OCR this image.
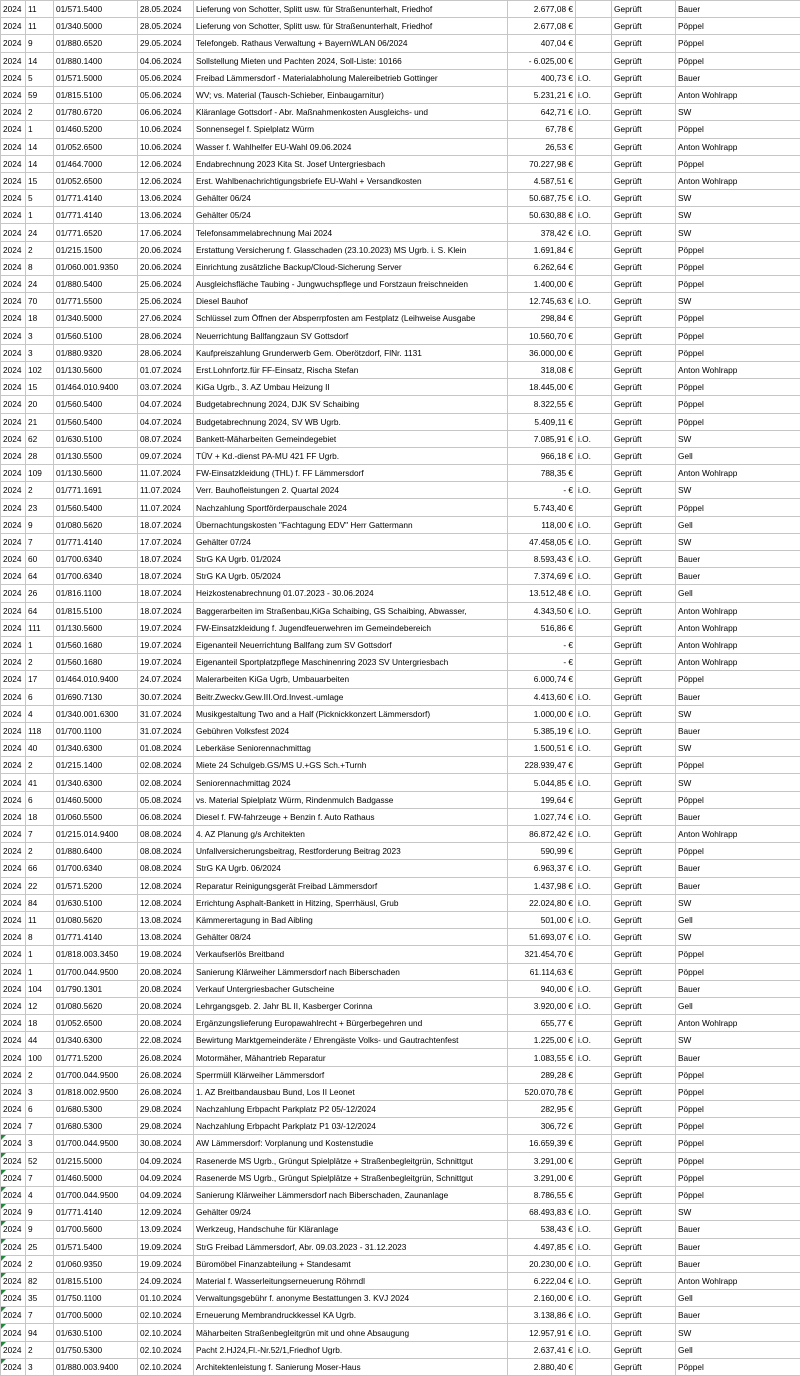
2024	11	01/571.5400	28.05.2024	Lieferung von Schotter, Splitt usw. für Straßenunterhalt, Friedhof	2.677,08 €		Geprüft	Bauer
2024	11	01/340.5000	28.05.2024	Lieferung von Schotter, Splitt usw. für Straßenunterhalt, Friedhof	2.677,08 €		Geprüft	Pöppel
2024	9	01/880.6520	29.05.2024	Telefongeb. Rathaus Verwaltung + BayernWLAN 06/2024	407,04 €		Geprüft	Pöppel
2024	14	01/880.1400	04.06.2024	Sollstellung Mieten und Pachten 2024, Soll-Liste: 10166	- 6.025,00 €		Geprüft	Pöppel
2024	5	01/571.5000	05.06.2024	Freibad Lämmersdorf - Materialabholung Malereibetrieb Gottinger	400,73 €	i.O.	Geprüft	Bauer
2024	59	01/815.5100	05.06.2024	WV; vs. Material (Tausch-Schieber, Einbaugarnitur)	5.231,21 €	i.O.	Geprüft	Anton Wohlrapp
2024	2	01/780.6720	06.06.2024	Kläranlage Gottsdorf - Abr. Maßnahmenkosten Ausgleichs- und	642,71 €	i.O.	Geprüft	SW
2024	1	01/460.5200	10.06.2024	Sonnensegel f. Spielplatz Würm	67,78 €		Geprüft	Pöppel
2024	14	01/052.6500	10.06.2024	Wasser f. Wahlhelfer EU-Wahl 09.06.2024	26,53 €		Geprüft	Anton Wohlrapp
2024	14	01/464.7000	12.06.2024	Endabrechnung 2023 Kita St. Josef Untergriesbach	70.227,98 €		Geprüft	Pöppel
2024	15	01/052.6500	12.06.2024	Erst. Wahlbenachrichtigungsbriefe EU-Wahl + Versandkosten	4.587,51 €		Geprüft	Anton Wohlrapp
2024	5	01/771.4140	13.06.2024	Gehälter 06/24	50.687,75 €	i.O.	Geprüft	SW
2024	1	01/771.4140	13.06.2024	Gehälter 05/24	50.630,88 €	i.O.	Geprüft	SW
2024	24	01/771.6520	17.06.2024	Telefonsammelabrechnung Mai 2024	378,42 €	i.O.	Geprüft	SW
2024	2	01/215.1500	20.06.2024	Erstattung Versicherung f. Glasschaden (23.10.2023) MS Ugrb. i. S. Klein	1.691,84 €		Geprüft	Pöppel
2024	8	01/060.001.9350	20.06.2024	Einrichtung zusätzliche Backup/Cloud-Sicherung Server	6.262,64 €		Geprüft	Pöppel
2024	24	01/880.5400	25.06.2024	Ausgleichsfläche Taubing - Jungwuchspflege und Forstzaun freischneiden	1.400,00 €		Geprüft	Pöppel
2024	70	01/771.5500	25.06.2024	Diesel Bauhof	12.745,63 €	i.O.	Geprüft	SW
2024	18	01/340.5000	27.06.2024	Schlüssel zum Öffnen der Absperrpfosten am Festplatz (Leihweise Ausgabe	298,84 €		Geprüft	Pöppel
2024	3	01/560.5100	28.06.2024	Neuerrichtung Ballfangzaun SV Gottsdorf	10.560,70 €		Geprüft	Pöppel
2024	3	01/880.9320	28.06.2024	Kaufpreiszahlung Grunderwerb Gem. Oberötzdorf, FlNr. 1131	36.000,00 €		Geprüft	Pöppel
2024	102	01/130.5600	01.07.2024	Erst.Lohnfortz.für FF-Einsatz, Rischa Stefan	318,08 €		Geprüft	Anton Wohlrapp
2024	15	01/464.010.9400	03.07.2024	KiGa Ugrb., 3. AZ Umbau Heizung II	18.445,00 €		Geprüft	Pöppel
2024	20	01/560.5400	04.07.2024	Budgetabrechnung 2024, DJK SV Schaibing	8.322,55 €		Geprüft	Pöppel
2024	21	01/560.5400	04.07.2024	Budgetabrechnung 2024, SV WB Ugrb.	5.409,11 €		Geprüft	Pöppel
2024	62	01/630.5100	08.07.2024	Bankett-Mäharbeiten Gemeindegebiet	7.085,91 €	i.O.	Geprüft	SW
2024	28	01/130.5500	09.07.2024	TÜV + Kd.-dienst PA-MU 421 FF Ugrb.	966,18 €	i.O.	Geprüft	Gell
2024	109	01/130.5600	11.07.2024	FW-Einsatzkleidung (THL) f. FF Lämmersdorf	788,35 €		Geprüft	Anton Wohlrapp
2024	2	01/771.1691	11.07.2024	Verr. Bauhofleistungen 2. Quartal 2024	- €	i.O.	Geprüft	SW
2024	23	01/560.5400	11.07.2024	Nachzahlung Sportförderpauschale 2024	5.743,40 €		Geprüft	Pöppel
2024	9	01/080.5620	18.07.2024	Übernachtungskosten "Fachtagung EDV" Herr Gattermann	118,00 €	i.O.	Geprüft	Gell
2024	7	01/771.4140	17.07.2024	Gehälter 07/24	47.458,05 €	i.O.	Geprüft	SW
2024	60	01/700.6340	18.07.2024	StrG KA Ugrb. 01/2024	8.593,43 €	i.O.	Geprüft	Bauer
2024	64	01/700.6340	18.07.2024	StrG KA Ugrb. 05/2024	7.374,69 €	i.O.	Geprüft	Bauer
2024	26	01/816.1100	18.07.2024	Heizkostenabrechnung 01.07.2023 - 30.06.2024	13.512,48 €	i.O.	Geprüft	Gell
2024	64	01/815.5100	18.07.2024	Baggerarbeiten im Straßenbau,KiGa Schaibing, GS Schaibing, Abwasser,	4.343,50 €	i.O.	Geprüft	Anton Wohlrapp
2024	111	01/130.5600	19.07.2024	FW-Einsatzkleidung f. Jugendfeuerwehren im Gemeindebereich	516,86 €		Geprüft	Anton Wohlrapp
2024	1	01/560.1680	19.07.2024	Eigenanteil Neuerrichtung Ballfang zum SV Gottsdorf	- €		Geprüft	Anton Wohlrapp
2024	2	01/560.1680	19.07.2024	Eigenanteil Sportplatzpflege Maschinenring 2023 SV Untergriesbach	- €		Geprüft	Anton Wohlrapp
2024	17	01/464.010.9400	24.07.2024	Malerarbeiten KiGa Ugrb, Umbauarbeiten	6.000,74 €		Geprüft	Pöppel
2024	6	01/690.7130	30.07.2024	Beitr.Zweckv.Gew.III.Ord.Invest.-umlage	4.413,60 €	i.O.	Geprüft	Bauer
2024	4	01/340.001.6300	31.07.2024	Musikgestaltung Two and a Half (Picknickkonzert Lämmersdorf)	1.000,00 €	i.O.	Geprüft	SW
2024	118	01/700.1100	31.07.2024	Gebühren Volksfest 2024	5.385,19 €	i.O.	Geprüft	Bauer
2024	40	01/340.6300	01.08.2024	Leberkäse Seniorennachmittag	1.500,51 €	i.O.	Geprüft	SW
2024	2	01/215.1400	02.08.2024	Miete 24 Schulgeb.GS/MS U.+GS Sch.+Turnh	228.939,47 €		Geprüft	Pöppel
2024	41	01/340.6300	02.08.2024	Seniorennachmittag 2024	5.044,85 €	i.O.	Geprüft	SW
2024	6	01/460.5000	05.08.2024	vs. Material Spielplatz Würm, Rindenmulch Badgasse	199,64 €		Geprüft	Pöppel
2024	18	01/060.5500	06.08.2024	Diesel f. FW-fahrzeuge + Benzin f. Auto Rathaus	1.027,74 €	i.O.	Geprüft	Bauer
2024	7	01/215.014.9400	08.08.2024	4. AZ Planung g/s Architekten	86.872,42 €	i.O.	Geprüft	Anton Wohlrapp
2024	2	01/880.6400	08.08.2024	Unfallversicherungsbeitrag, Restforderung Beitrag 2023	590,99 €		Geprüft	Pöppel
2024	66	01/700.6340	08.08.2024	StrG KA Ugrb. 06/2024	6.963,37 €	i.O.	Geprüft	Bauer
2024	22	01/571.5200	12.08.2024	Reparatur Reinigungsgerät Freibad Lämmersdorf	1.437,98 €	i.O.	Geprüft	Bauer
2024	84	01/630.5100	12.08.2024	Errichtung Asphalt-Bankett in Hitzing, Sperrhäusl, Grub	22.024,80 €	i.O.	Geprüft	SW
2024	11	01/080.5620	13.08.2024	Kämmerertagung in Bad Aibling	501,00 €	i.O.	Geprüft	Gell
2024	8	01/771.4140	13.08.2024	Gehälter 08/24	51.693,07 €	i.O.	Geprüft	SW
2024	1	01/818.003.3450	19.08.2024	Verkaufserlös Breitband	321.454,70 €		Geprüft	Pöppel
2024	1	01/700.044.9500	20.08.2024	Sanierung Klärweiher Lämmersdorf nach Biberschaden	61.114,63 €		Geprüft	Pöppel
2024	104	01/790.1301	20.08.2024	Verkauf Untergriesbacher Gutscheine	940,00 €	i.O.	Geprüft	Bauer
2024	12	01/080.5620	20.08.2024	Lehrgangsgeb. 2. Jahr BL II, Kasberger Corinna	3.920,00 €	i.O.	Geprüft	Gell
2024	18	01/052.6500	20.08.2024	Ergänzungslieferung Europawahlrecht + Bürgerbegehren und	655,77 €		Geprüft	Anton Wohlrapp
2024	44	01/340.6300	22.08.2024	Bewirtung Marktgemeinderäte / Ehrengäste Volks- und Gautrachtenfest	1.225,00 €	i.O.	Geprüft	SW
2024	100	01/771.5200	26.08.2024	Motormäher, Mähantrieb Reparatur	1.083,55 €	i.O.	Geprüft	Bauer
2024	2	01/700.044.9500	26.08.2024	Sperrmüll Klärweiher Lämmersdorf	289,28 €		Geprüft	Pöppel
2024	3	01/818.002.9500	26.08.2024	1. AZ Breitbandausbau Bund, Los II Leonet	520.070,78 €		Geprüft	Pöppel
2024	6	01/680.5300	29.08.2024	Nachzahlung Erbpacht Parkplatz P2 05/-12/2024	282,95 €		Geprüft	Pöppel
2024	7	01/680.5300	29.08.2024	Nachzahlung Erbpacht Parkplatz P1 03/-12/2024	306,72 €		Geprüft	Pöppel
2024	3	01/700.044.9500	30.08.2024	AW Lämmersdorf: Vorplanung und Kostenstudie	16.659,39 €		Geprüft	Pöppel
2024	52	01/215.5000	04.09.2024	Rasenerde MS Ugrb., Grüngut Spielplätze + Straßenbegleitgrün, Schnittgut	3.291,00 €		Geprüft	Pöppel
2024	7	01/460.5000	04.09.2024	Rasenerde MS Ugrb., Grüngut Spielplätze + Straßenbegleitgrün, Schnittgut	3.291,00 €		Geprüft	Pöppel
2024	4	01/700.044.9500	04.09.2024	Sanierung Klärweiher Lämmersdorf nach Biberschaden, Zaunanlage	8.786,55 €		Geprüft	Pöppel
2024	9	01/771.4140	12.09.2024	Gehälter 09/24	68.493,83 €	i.O.	Geprüft	SW
2024	9	01/700.5600	13.09.2024	Werkzeug, Handschuhe für Kläranlage	538,43 €	i.O.	Geprüft	Bauer
2024	25	01/571.5400	19.09.2024	StrG Freibad Lämmersdorf, Abr. 09.03.2023 - 31.12.2023	4.497,85 €	i.O.	Geprüft	Bauer
2024	2	01/060.9350	19.09.2024	Büromöbel Finanzabteilung + Standesamt	20.230,00 €	i.O.	Geprüft	Bauer
2024	82	01/815.5100	24.09.2024	Material f. Wasserleitungserneuerung Röhrndl	6.222,04 €	i.O.	Geprüft	Anton Wohlrapp
2024	35	01/750.1100	01.10.2024	Verwaltungsgebühr f. anonyme Bestattungen 3. KVJ 2024	2.160,00 €	i.O.	Geprüft	Gell
2024	7	01/700.5000	02.10.2024	Erneuerung Membrandruckkessel KA Ugrb.	3.138,86 €	i.O.	Geprüft	Bauer
2024	94	01/630.5100	02.10.2024	Mäharbeiten Straßenbegleitgrün mit und ohne Absaugung	12.957,91 €	i.O.	Geprüft	SW
2024	2	01/750.5300	02.10.2024	Pacht 2.HJ24,Fl.-Nr.52/1,Friedhof Ugrb.	2.637,41 €	i.O.	Geprüft	Gell
2024	3	01/880.003.9400	02.10.2024	Architektenleistung f. Sanierung Moser-Haus	2.880,40 €		Geprüft	Pöppel
